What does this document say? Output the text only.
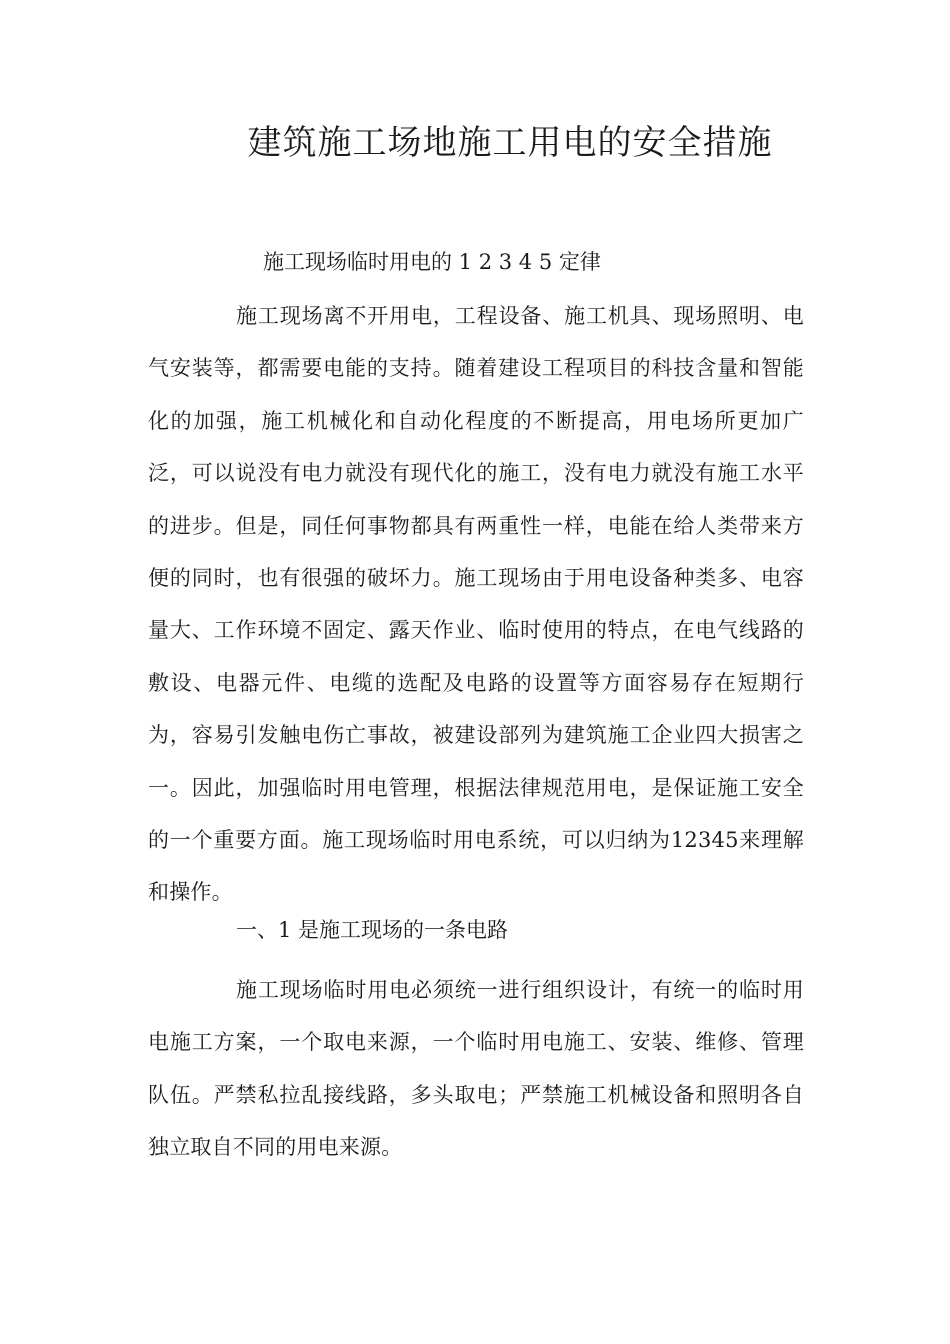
建筑施工场地施工用电的安全措施
施工现场临时用电的 1 2 3 4 5 定律

施工现场离不开用电，工程设备、施工机具、现场照明、电气安装等，都需要电能的支持。随着建设工程项目的科技含量和智能化的加强，施工机械化和自动化程度的不断提高，用电场所更加广泛，可以说没有电力就没有现代化的施工，没有电力就没有施工水平的进步。但是，同任何事物都具有两重性一样，电能在给人类带来方便的同时，也有很强的破坏力。施工现场由于用电设备种类多、电容量大、工作环境不固定、露天作业、临时使用的特点，在电气线路的敷设、电器元件、电缆的选配及电路的设置等方面容易存在短期行为，容易引发触电伤亡事故，被建设部列为建筑施工企业四大损害之一。因此，加强临时用电管理，根据法律规范用电，是保证施工安全的一个重要方面。施工现场临时用电系统，可以归纳为12345来理解和操作。

一、1 是施工现场的一条电路

施工现场临时用电必须统一进行组织设计，有统一的临时用电施工方案，一个取电来源，一个临时用电施工、安装、维修、管理队伍。严禁私拉乱接线路，多头取电；严禁施工机械设备和照明各自独立取自不同的用电来源。
